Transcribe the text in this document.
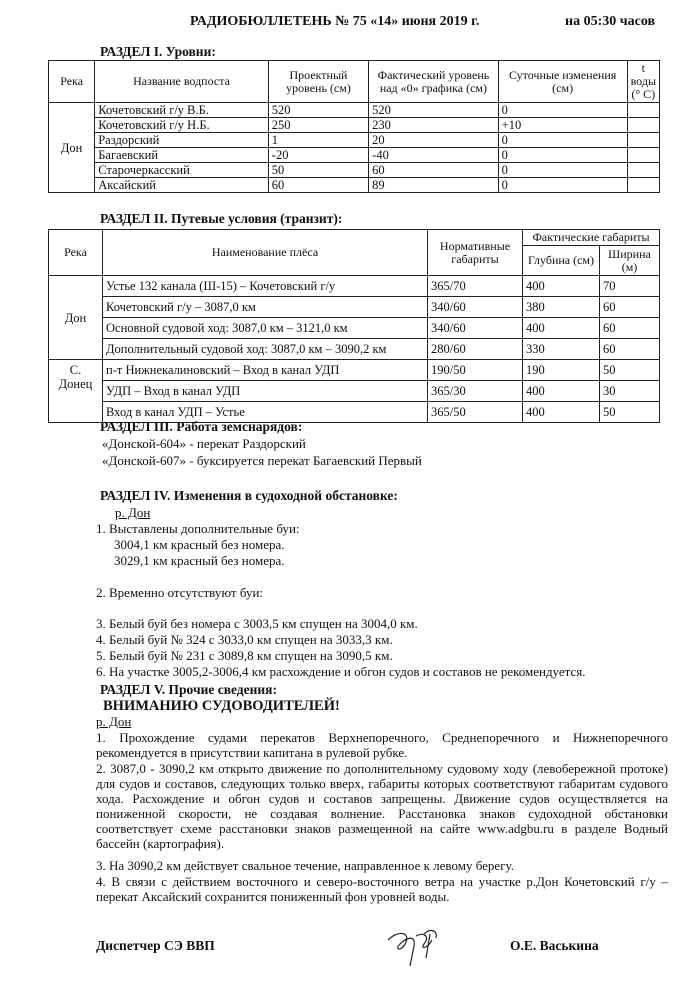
РАДИОБЮЛЛЕТЕНЬ № 75 «14» июня 2019 г.	на 05:30 часов
РАЗДЕЛ I. Уровни:
Река	Название водпоста	Проектный уровень (см)	Фактический уровень над «0» графика (см)	Суточные изменения (см)	t воды (° C)
Дон	Кочетовский г/у В.Б.	520	520	0	
	Кочетовский г/у Н.Б.	250	230	+10	
	Раздорский	1	20	0	
	Багаевский	-20	-40	0	
	Старочеркасский	50	60	0	
	Аксайский	60	89	0	
РАЗДЕЛ II. Путевые условия (транзит):
Река	Наименование плёса	Нормативные габариты	Фактические габариты	
			Глубина (см)	Ширина (м)
Дон	Устье 132 канала (Ш-15) – Кочетовский г/у	365/70	400	70
	Кочетовский г/у – 3087,0 км	340/60	380	60
	Основной судовой ход: 3087,0 км – 3121,0 км	340/60	400	60
	Дополнительный судовой ход: 3087,0 км – 3090,2 км	280/60	330	60
С. Донец	п-т Нижнекалиновский – Вход в канал УДП	190/50	190	50
	УДП – Вход в канал УДП	365/30	400	30
	Вход в канал УДП – Устье	365/50	400	50
РАЗДЕЛ III. Работа земснарядов:
«Донской-604» - перекат Раздорский
«Донской-607» - буксируется перекат Багаевский Первый
РАЗДЕЛ IV. Изменения в судоходной обстановке:
р. Дон
1. Выставлены дополнительные буи:
3004,1 км красный без номера.
3029,1 км красный без номера.
2. Временно отсутствуют буи:
3. Белый буй без номера с 3003,5 км спущен на 3004,0 км.
4. Белый буй № 324 с 3033,0 км спущен на 3033,3 км.
5. Белый буй № 231 с 3089,8 км спущен на 3090,5 км.
6. На участке 3005,2-3006,4 км расхождение и обгон судов и составов не рекомендуется.
РАЗДЕЛ V. Прочие сведения:
ВНИМАНИЮ СУДОВОДИТЕЛЕЙ!
р. Дон
1. Прохождение судами перекатов Верхнепоречного, Среднепоречного и Нижнепоречного рекомендуется в присутствии капитана в рулевой рубке.
2. 3087,0 - 3090,2 км открыто движение по дополнительному судовому ходу (левобережной протоке) для судов и составов, следующих только вверх, габариты которых соответствуют габаритам судового хода. Расхождение и обгон судов и составов запрещены. Движение судов осуществляется на пониженной скорости, не создавая волнение. Расстановка знаков судоходной обстановки соответствует схеме расстановки знаков размещенной на сайте www.adgbu.ru в разделе Водный бассейн (картография).
3. На 3090,2 км действует свальное течение, направленное к левому берегу.
4. В связи с действием восточного и северо-восточного ветра на участке р.Дон Кочетовский г/у – перекат Аксайский сохранится пониженный фон уровней воды.
Диспетчер СЭ ВВП	О.Е. Васькина
